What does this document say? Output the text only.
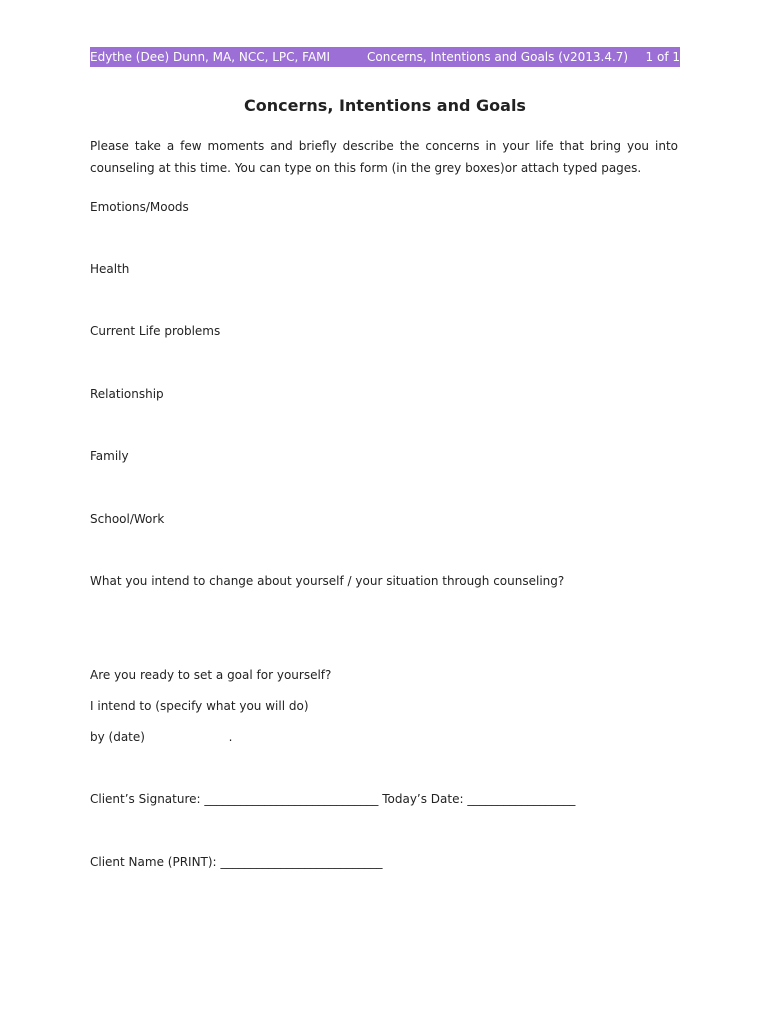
Edythe (Dee) Dunn, MA, NCC, LPC, FAMI	Concerns, Intentions and Goals (v2013.4.7) 1 of 1
Concerns, Intentions and Goals
Please take a few moments and briefly describe the concerns in your life that bring you into counseling at this time. You can type on this form (in the grey boxes)or attach typed pages.
Emotions/Moods
Health
Current Life problems
Relationship
Family
School/Work
What you intend to change about yourself / your situation through counseling?
Are you ready to set a goal for yourself?
I intend to (specify what you will do)
by (date)	.
Client’s Signature: _____________________________ Today’s Date: __________________
Client Name (PRINT): ___________________________
